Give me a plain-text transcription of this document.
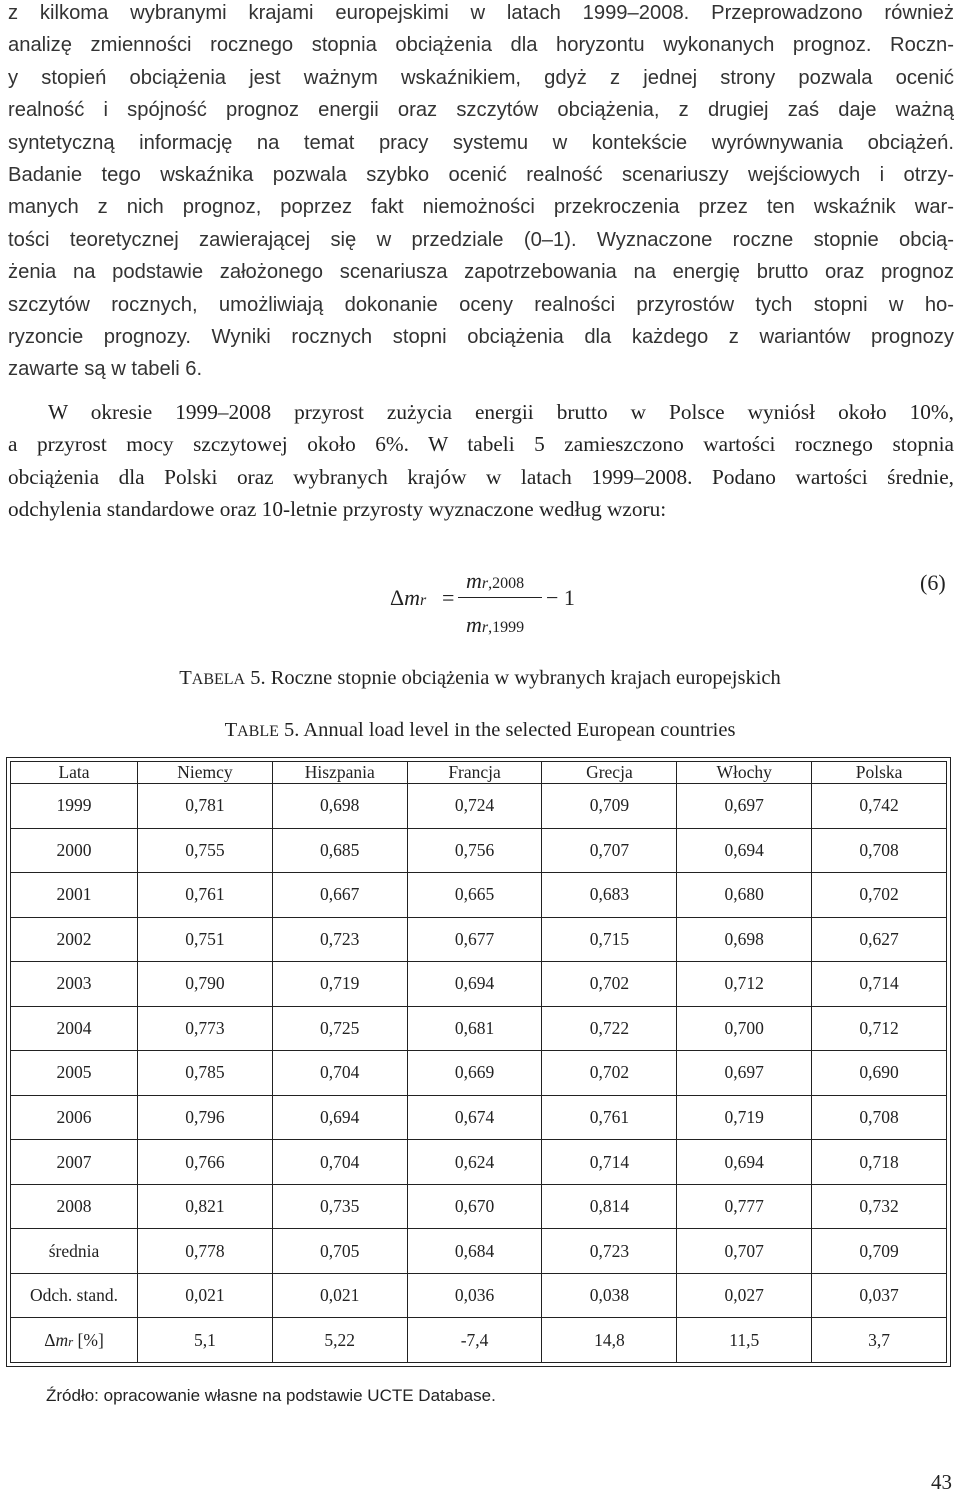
z kilkoma wybranymi krajami europejskimi w latach 1999–2008. Przeprowadzono również
analizę zmienności rocznego stopnia obciążenia dla horyzontu wykonanych prognoz. Roczn-
y stopień obciążenia jest ważnym wskaźnikiem, gdyż z jednej strony pozwala ocenić
realność i spójność prognoz energii oraz szczytów obciążenia, z drugiej zaś daje ważną
syntetyczną informację na temat pracy systemu w kontekście wyrównywania obciążeń.
Badanie tego wskaźnika pozwala szybko ocenić realność scenariuszy wejściowych i otrzy-
manych z nich prognoz, poprzez fakt niemożności przekroczenia przez ten wskaźnik war-
tości teoretycznej zawierającej się w przedziale (0–1). Wyznaczone roczne stopnie obcią-
żenia na podstawie założonego scenariusza zapotrzebowania na energię brutto oraz prognoz
szczytów rocznych, umożliwiają dokonanie oceny realności przyrostów tych stopni w ho-
ryzoncie prognozy. Wyniki rocznych stopni obciążenia dla każdego z wariantów prognozy
zawarte są w tabeli 6.
W okresie 1999–2008 przyrost zużycia energii brutto w Polsce wyniósł około 10%,
a przyrost mocy szczytowej około 6%. W tabeli 5 zamieszczono wartości rocznego stopnia
obciążenia dla Polski oraz wybranych krajów w latach 1999–2008. Podano wartości średnie,
odchylenia standardowe oraz 10-letnie przyrosty wyznaczone według wzoru:
Δmr =
mr,2008
mr,1999
− 1
(6)
TABELA 5. Roczne stopnie obciążenia w wybranych krajach europejskich
TABLE 5. Annual load level in the selected European countries
Lata	Niemcy	Hiszpania	Francja	Grecja	Włochy	Polska
1999	0,781	0,698	0,724	0,709	0,697	0,742
2000	0,755	0,685	0,756	0,707	0,694	0,708
2001	0,761	0,667	0,665	0,683	0,680	0,702
2002	0,751	0,723	0,677	0,715	0,698	0,627
2003	0,790	0,719	0,694	0,702	0,712	0,714
2004	0,773	0,725	0,681	0,722	0,700	0,712
2005	0,785	0,704	0,669	0,702	0,697	0,690
2006	0,796	0,694	0,674	0,761	0,719	0,708
2007	0,766	0,704	0,624	0,714	0,694	0,718
2008	0,821	0,735	0,670	0,814	0,777	0,732
średnia	0,778	0,705	0,684	0,723	0,707	0,709
Odch. stand.	0,021	0,021	0,036	0,038	0,027	0,037
Δmr [%]	5,1	5,22	-7,4	14,8	11,5	3,7
Źródło: opracowanie własne na podstawie UCTE Database.
43
